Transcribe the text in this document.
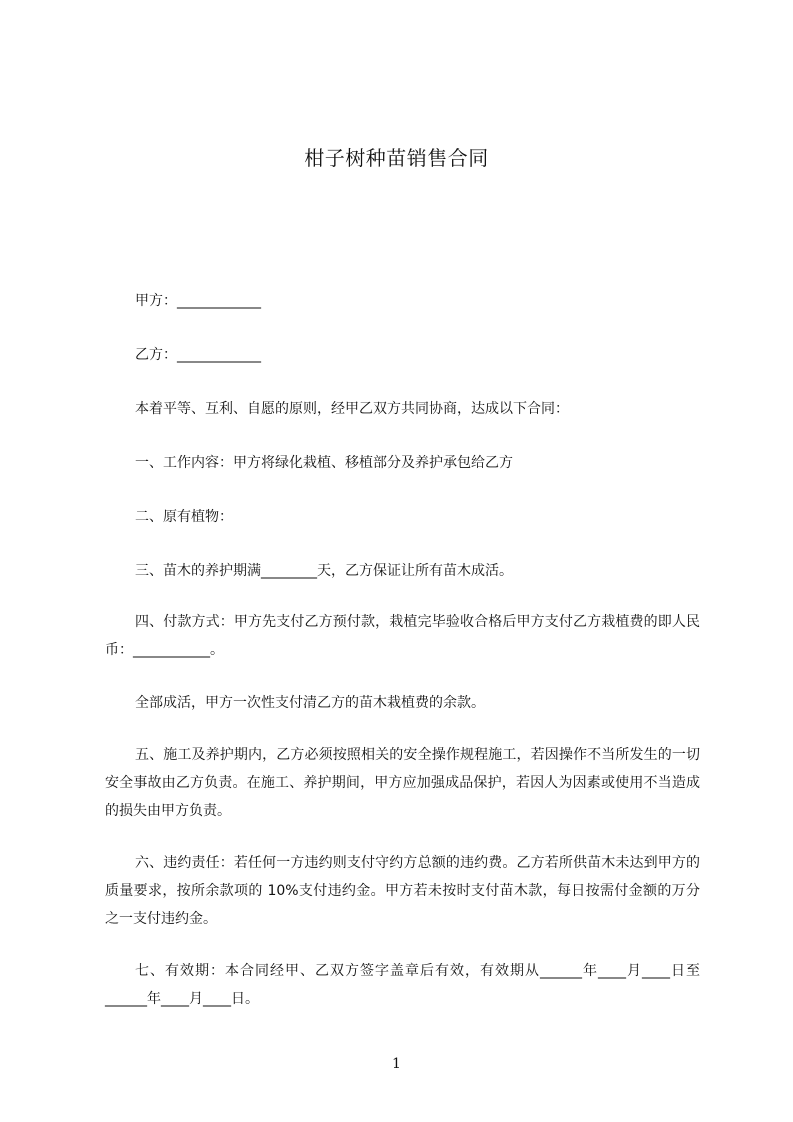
柑子树种苗销售合同

甲方：____________

乙方：____________

本着平等、互利、自愿的原则，经甲乙双方共同协商，达成以下合同：

一、工作内容：甲方将绿化栽植、移植部分及养护承包给乙方

二、原有植物：

三、苗木的养护期满________天，乙方保证让所有苗木成活。

四、付款方式：甲方先支付乙方预付款，栽植完毕验收合格后甲方支付乙方栽植费的即人民币：___________。

全部成活，甲方一次性支付清乙方的苗木栽植费的余款。

五、施工及养护期内，乙方必须按照相关的安全操作规程施工，若因操作不当所发生的一切安全事故由乙方负责。在施工、养护期间，甲方应加强成品保护，若因人为因素或使用不当造成的损失由甲方负责。

六、违约责任：若任何一方违约则支付守约方总额的违约费。乙方若所供苗木未达到甲方的质量要求，按所余款项的 10%支付违约金。甲方若未按时支付苗木款，每日按需付金额的万分之一支付违约金。

七、有效期：本合同经甲、乙双方签字盖章后有效，有效期从______年____月____日至______年____月____日。

1
